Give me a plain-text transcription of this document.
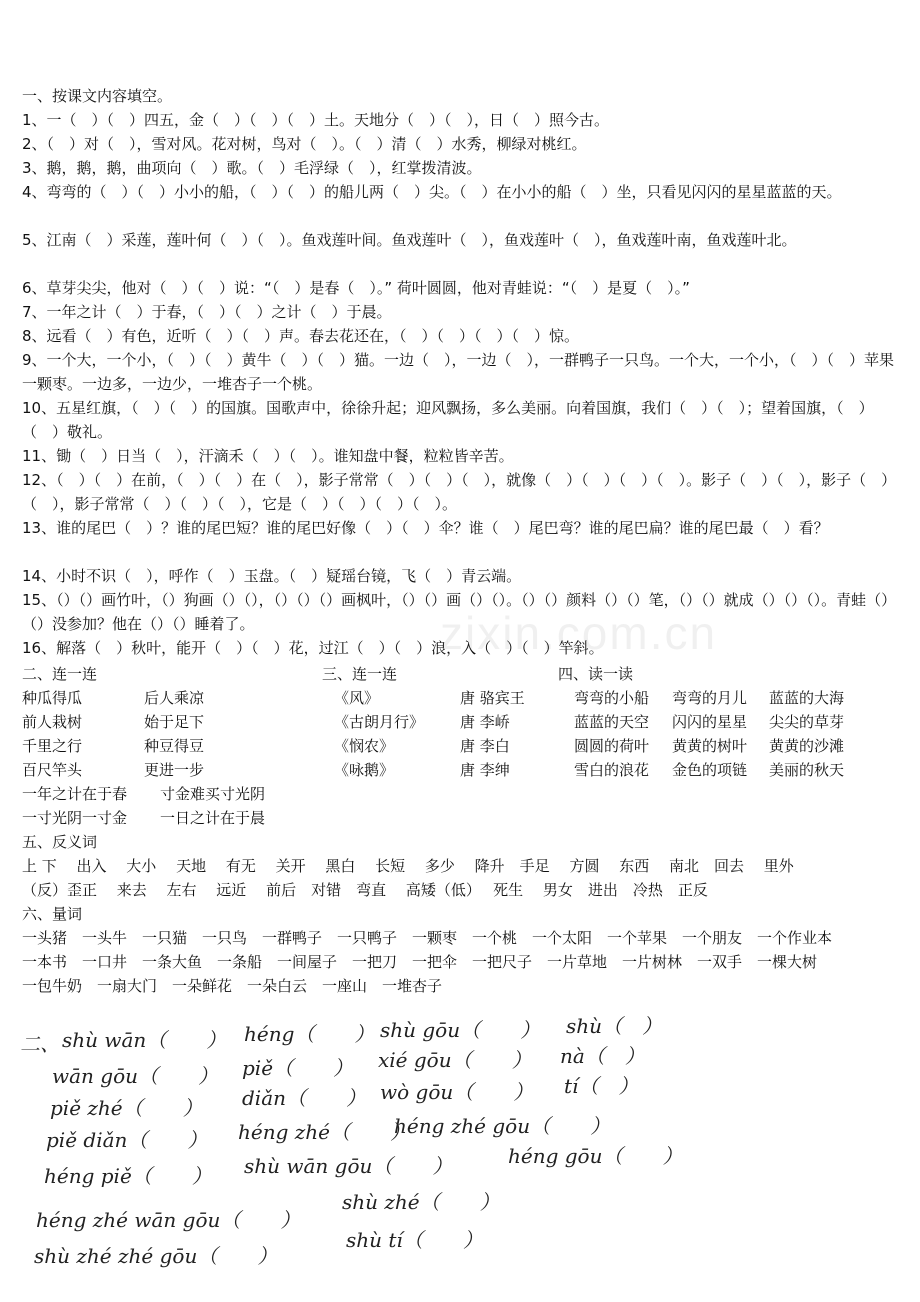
一、按课文内容填空。
1、一（　）（　）四五，金（　）（　）（　）土。天地分（　）（　），日（　）照今古。
2、（　）对（　），雪对风。花对树，鸟对（　）。（　）清（　）水秀，柳绿对桃红。
3、鹅，鹅，鹅，曲项向（　）歌。（　）毛浮绿（　），红掌拨清波。
4、弯弯的（　）（　）小小的船，（　）（　）的船儿两（　）尖。（　）在小小的船（　）坐，只看见闪闪的星星蓝蓝的天。
5、江南（　）采莲，莲叶何（　）（　）。鱼戏莲叶间。鱼戏莲叶（　），鱼戏莲叶（　），鱼戏莲叶南，鱼戏莲叶北。
6、草芽尖尖，他对（　）（　）说：“（　）是春（　）。” 荷叶圆圆，他对青蛙说：“（　）是夏（　）。”
7、一年之计（　）于春，（　）（　）之计（　）于晨。
8、远看（　）有色，近听（　）（　）声。春去花还在，（　）（　）（　）（　）惊。
9、一个大，一个小，（　）（　）黄牛（　）（　）猫。一边（　），一边（　），一群鸭子一只鸟。一个大，一个小，（　）（　）苹果一颗枣。一边多，一边少，一堆杏子一个桃。
10、五星红旗，（　）（　）的国旗。国歌声中，徐徐升起；迎风飘扬，多么美丽。向着国旗，我们（　）（　）；望着国旗，（　）（　）敬礼。
11、锄（　）日当（　），汗滴禾（　）（　）。谁知盘中餐，粒粒皆辛苦。
12、（　）（　）在前，（　）（　）在（　），影子常常（　）（　）（　），就像（　）（　）（　）（　）。影子（　）（　），影子（　）（　），影子常常（　）（　）（　），它是（　）（　）（　）（　）。
13、谁的尾巴（　）？谁的尾巴短？谁的尾巴好像（　）（　）伞？谁（　）尾巴弯？谁的尾巴扁？谁的尾巴最（　）看？
14、小时不识（　），呼作（　）玉盘。（　）疑瑶台镜，飞（　）青云端。
15、（）（）画竹叶，（）狗画（）（），（）（）（）画枫叶，（）（）画（）（）。（）（）颜料（）（）笔，（）（）就成（）（）（）。青蛙（）（）没参加？他在（）（）睡着了。
16、解落（　）秋叶，能开（　）（　）花，过江（　）（　）浪，入（　）（　）竿斜。
zixin.com.cn
二、连一连	三、连一连	四、读一读
种瓜得瓜	后人乘凉
前人栽树	始于足下
千里之行	种豆得豆
百尺竿头	更进一步
一年之计在于春 寸金难买寸光阴
一寸光阴一寸金 一日之计在于晨
《风》	唐 骆宾王
《古朗月行》 唐 李峤
《悯农》	唐 李白
《咏鹅》	唐 李绅
弯弯的小船 弯弯的月儿 蓝蓝的大海
蓝蓝的天空 闪闪的星星 尖尖的草芽
圆圆的荷叶 黄黄的树叶 黄黄的沙滩
雪白的浪花 金色的项链 美丽的秋天
五、反义词
上 下　 出入　 大小　 天地　 有无　 关开　 黑白　 长短　 多少　 降升　手足　 方圆　 东西　 南北　回去　 里外
（反）歪正　 来去　 左右　 远近　 前后　对错　弯直　 高矮（低）　 死生　 男女　进出　冷热　正反
六、量词
一头猪　一头牛　一只猫　一只鸟　一群鸭子　一只鸭子　一颗枣　一个桃　一个太阳　一个苹果　一个朋友　一个作业本
一本书　一口井　一条大鱼　一条船　一间屋子　一把刀　一把伞　一把尺子　一片草地　一片树林　一双手　一棵大树
一包牛奶　一扇大门　一朵鲜花　一朵白云　一座山　一堆杏子
二、 shù wān（　　） héng（　　） shù gōu（　　） shù（　）
wān gōu（　　） piě（　　） xié gōu（　　） nà（　）
piě zhé（　　） diǎn（　　） wò gōu（　　） tí（　）
piě diǎn（　　） héng zhé（　　）
héng zhé gōu（　　）
héng piě（　　） shù wān gōu（　　）	héng gōu（　　）
héng zhé wān gōu（　　）
shù zhé（　　）
shù zhé zhé gōu（　　）
shù tí（　　）
